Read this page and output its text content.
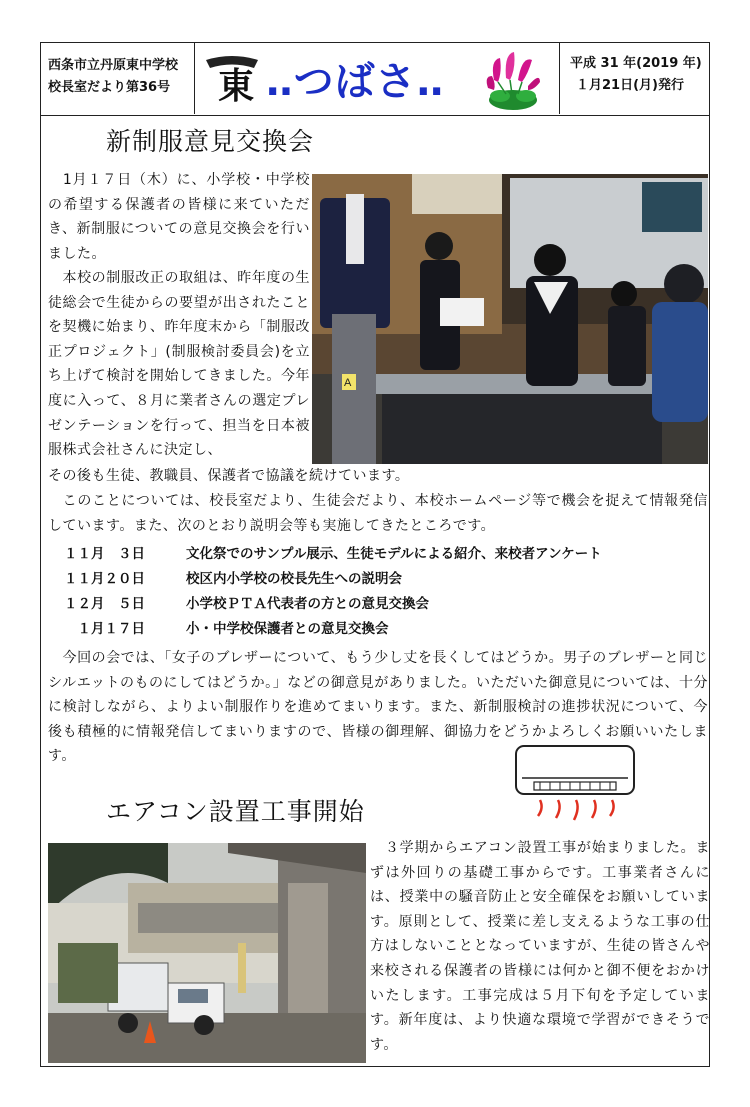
西条市立丹原東中学校
校長室だより第36号	東 ‥つばさ‥	平成 31 年(2019 年)
１月21日(月)発行
新制服意見交換会

　1月１７日（木）に、小学校・中学校の希望する保護者の皆様に来ていただき、新制服についての意見交換会を行いました。

　本校の制服改正の取組は、昨年度の生徒総会で生徒からの要望が出されたことを契機に始まり、昨年度末から「制服改正プロジェクト」(制服検討委員会)を立ち上げて検討を開始してきました。今年度に入って、８月に業者さんの選定プレゼンテーションを行って、担当を日本被服株式会社さんに決定し、

その後も生徒、教職員、保護者で協議を続けています。

A

　このことについては、校長室だより、生徒会だより、本校ホームページ等で機会を捉えて情報発信しています。また、次のとおり説明会等も実施してきたところです。

１１月　３日	文化祭でのサンプル展示、生徒モデルによる紹介、来校者アンケート
１１月２０日	校区内小学校の校長先生への説明会
１２月　５日	小学校ＰＴＡ代表者の方との意見交換会
　１月１７日	小・中学校保護者との意見交換会

　今回の会では、「女子のブレザーについて、もう少し丈を長くしてはどうか。男子のブレザーと同じシルエットのものにしてはどうか。」などの御意見がありました。いただいた御意見については、十分に検討しながら、よりよい制服作りを進めてまいります。また、新制服検討の進捗状況について、今後も積極的に情報発信してまいりますので、皆様の御理解、御協力をどうかよろしくお願いいたします。

エアコン設置工事開始

　３学期からエアコン設置工事が始まりました。まずは外回りの基礎工事からです。工事業者さんには、授業中の騒音防止と安全確保をお願いしています。原則として、授業に差し支えるような工事の仕方はしないこととなっていますが、生徒の皆さんや来校される保護者の皆様には何かと御不便をおかけいたします。工事完成は５月下旬を予定しています。新年度は、より快適な環境で学習ができそうです。
